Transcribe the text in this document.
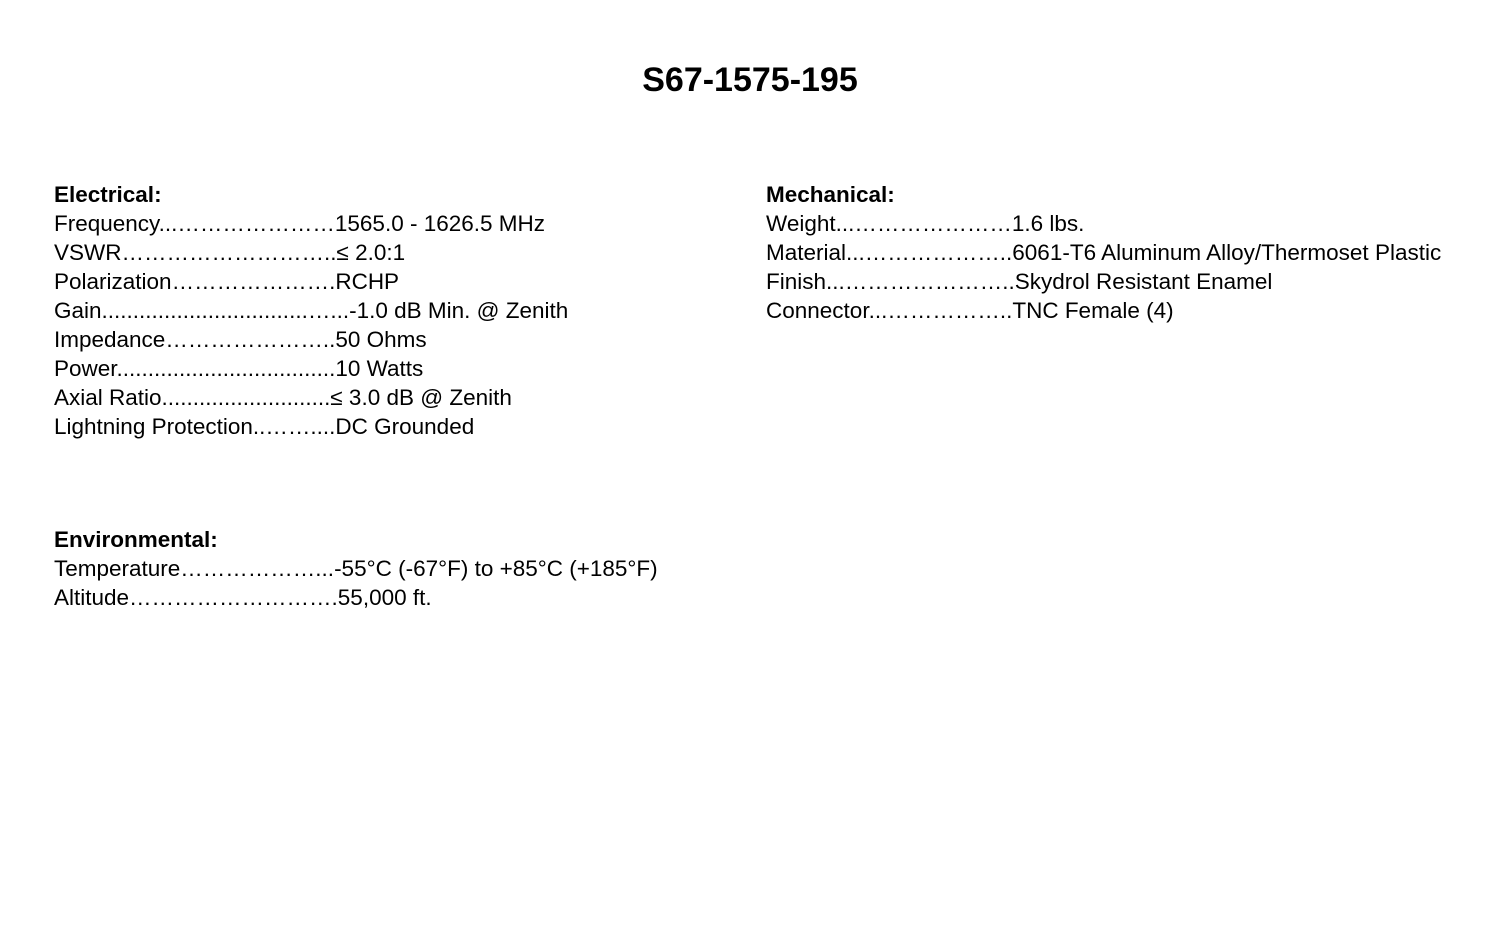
S67-1575-195
Electrical:
Frequency...…………………1565.0 - 1626.5 MHz
VSWR………………………..≤ 2.0:1
Polarization………………….RCHP
Gain.................................…...-1.0 dB Min. @ Zenith
Impedance…………………..50 Ohms
Power...................................10 Watts
Axial Ratio...........................≤ 3.0 dB @ Zenith
Lightning Protection..……....DC Grounded
Mechanical:
Weight...…………………1.6 lbs.
Material...………………..6061-T6 Aluminum Alloy/Thermoset Plastic
Finish...…………………..Skydrol Resistant Enamel
Connector...……………..TNC Female (4)
Environmental:
Temperature………………...-55°C (-67°F) to +85°C (+185°F)
Altitude……………………….55,000 ft.
